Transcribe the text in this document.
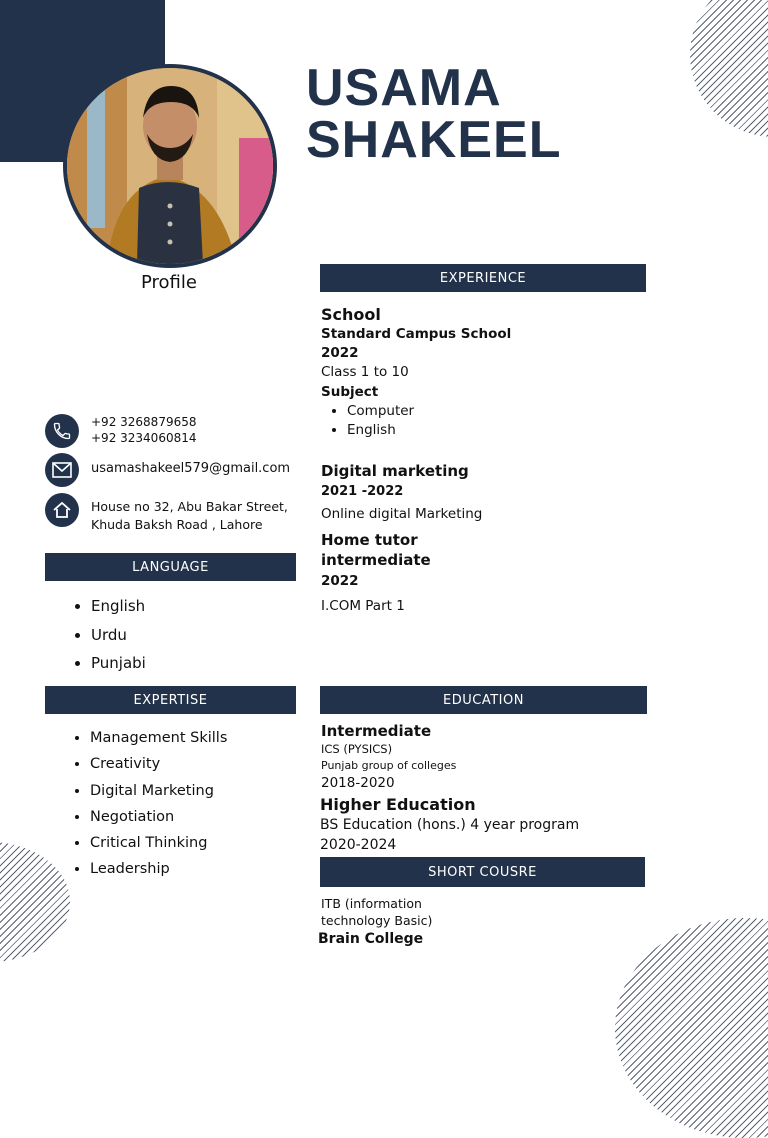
USAMA
SHAKEEL
Profile
+92 3268879658
+92 3234060814
usamashakeel579@gmail.com
House no 32, Abu Bakar Street,
Khuda Baksh Road , Lahore
LANGUAGE
• English
• Urdu
• Punjabi
EXPERTISE
• Management Skills
• Creativity
• Digital Marketing
• Negotiation
• Critical Thinking
• Leadership
EXPERIENCE
School
Standard Campus School
2022
Class 1 to 10
Subject
• Computer
• English
Digital marketing
2021 -2022
Online digital Marketing
Home tutor
intermediate
2022
I.COM Part 1
EDUCATION
Intermediate
ICS (PYSICS)
Punjab group of colleges
2018-2020
Higher Education
BS Education (hons.) 4 year program
2020-2024
SHORT COUSRE
ITB (information
technology Basic)
Brain College
